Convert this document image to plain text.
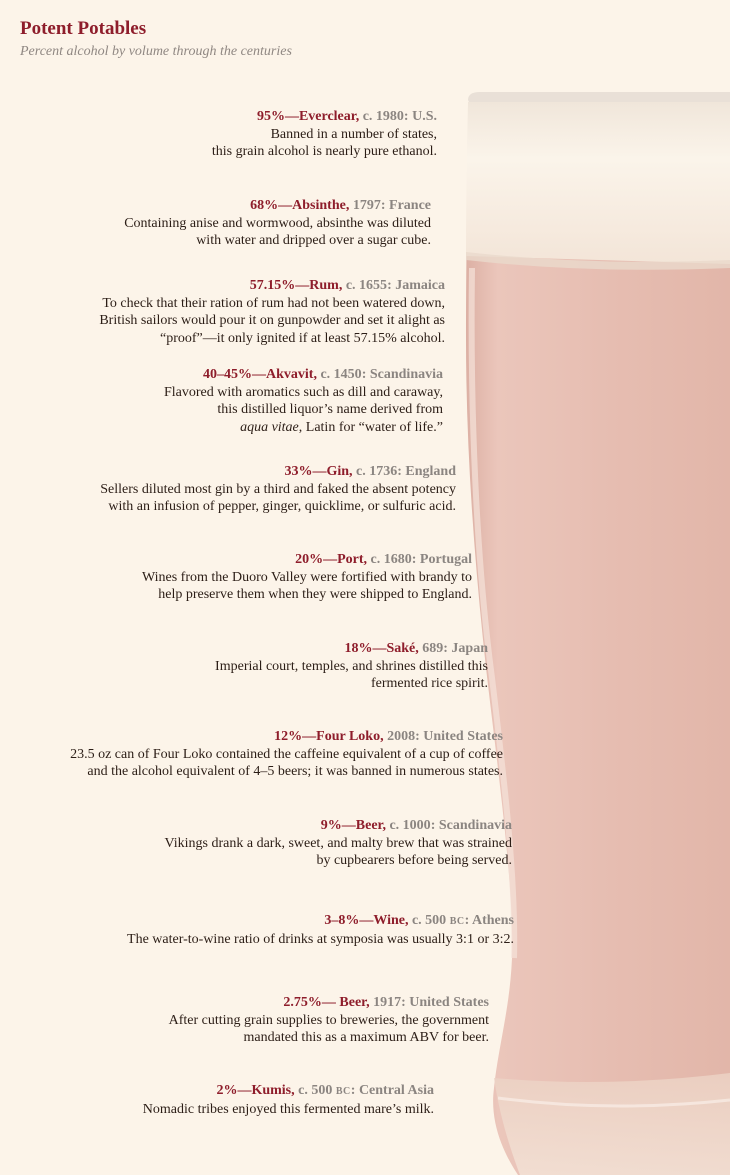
Potent Potables

Percent alcohol by volume through the centuries

95%—Everclear, c. 1980: U.S.
Banned in a number of states,
this grain alcohol is nearly pure ethanol.
68%—Absinthe, 1797: France
Containing anise and wormwood, absinthe was diluted
with water and dripped over a sugar cube.
57.15%—Rum, c. 1655: Jamaica
To check that their ration of rum had not been watered down,
British sailors would pour it on gunpowder and set it alight as
“proof”—it only ignited if at least 57.15% alcohol.
40–45%—Akvavit, c. 1450: Scandinavia
Flavored with aromatics such as dill and caraway,
this distilled liquor’s name derived from
aqua vitae, Latin for “water of life.”
33%—Gin, c. 1736: England
Sellers diluted most gin by a third and faked the absent potency
with an infusion of pepper, ginger, quicklime, or sulfuric acid.
20%—Port, c. 1680: Portugal
Wines from the Duoro Valley were fortified with brandy to
help preserve them when they were shipped to England.
18%—Saké, 689: Japan
Imperial court, temples, and shrines distilled this
fermented rice spirit.
12%—Four Loko, 2008: United States
23.5 oz can of Four Loko contained the caffeine equivalent of a cup of coffee
and the alcohol equivalent of 4–5 beers; it was banned in numerous states.
9%—Beer, c. 1000: Scandinavia
Vikings drank a dark, sweet, and malty brew that was strained
by cupbearers before being served.
3–8%—Wine, c. 500 BC: Athens
The water-to-wine ratio of drinks at symposia was usually 3:1 or 3:2.
2.75%— Beer, 1917: United States
After cutting grain supplies to breweries, the government
mandated this as a maximum ABV for beer.
2%—Kumis, c. 500 BC: Central Asia
Nomadic tribes enjoyed this fermented mare’s milk.
